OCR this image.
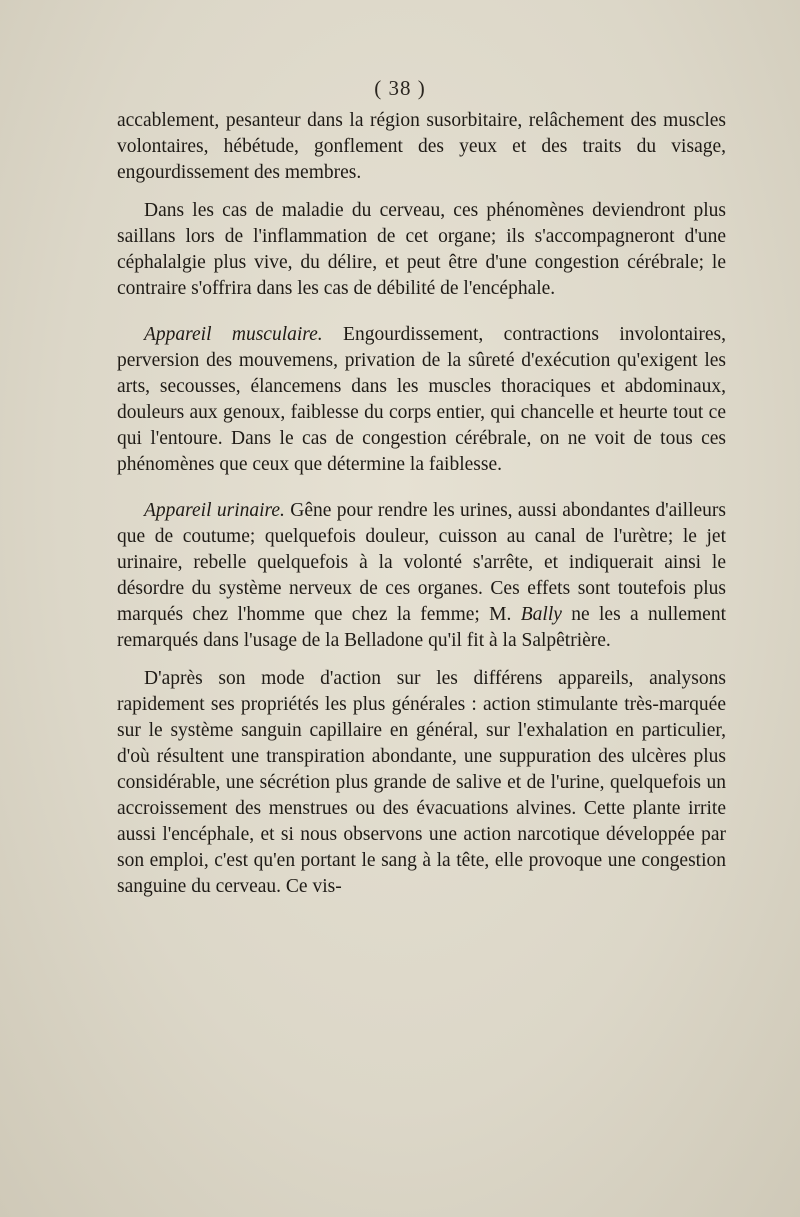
( 38 )

accablement, pesanteur dans la région susorbitaire, relâchement des muscles volontaires, hébétude, gonflement des yeux et des traits du visage, engourdissement des membres.

Dans les cas de maladie du cerveau, ces phénomènes deviendront plus saillans lors de l'inflammation de cet organe; ils s'accompagneront d'une céphalalgie plus vive, du délire, et peut être d'une congestion cérébrale; le contraire s'offrira dans les cas de débilité de l'encéphale.

Appareil musculaire. Engourdissement, contractions involontaires, perversion des mouvemens, privation de la sûreté d'exécution qu'exigent les arts, secousses, élancemens dans les muscles thoraciques et abdominaux, douleurs aux genoux, faiblesse du corps entier, qui chancelle et heurte tout ce qui l'entoure. Dans le cas de congestion cérébrale, on ne voit de tous ces phénomènes que ceux que détermine la faiblesse.

Appareil urinaire. Gêne pour rendre les urines, aussi abondantes d'ailleurs que de coutume; quelquefois douleur, cuisson au canal de l'urètre; le jet urinaire, rebelle quelquefois à la volonté s'arrête, et indiquerait ainsi le désordre du système nerveux de ces organes. Ces effets sont toutefois plus marqués chez l'homme que chez la femme; M. Bally ne les a nullement remarqués dans l'usage de la Belladone qu'il fit à la Salpêtrière.

D'après son mode d'action sur les différens appareils, analysons rapidement ses propriétés les plus générales : action stimulante très-marquée sur le système sanguin capillaire en général, sur l'exhalation en particulier, d'où résultent une transpiration abondante, une suppuration des ulcères plus considérable, une sécrétion plus grande de salive et de l'urine, quelquefois un accroissement des menstrues ou des évacuations alvines. Cette plante irrite aussi l'encéphale, et si nous observons une action narcotique développée par son emploi, c'est qu'en portant le sang à la tête, elle provoque une congestion sanguine du cerveau. Ce vis-
